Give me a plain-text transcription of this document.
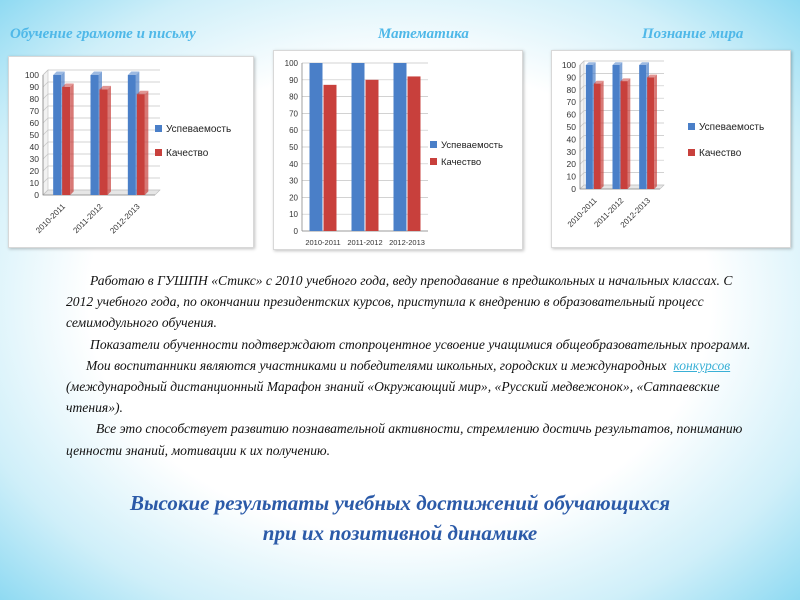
Обучение грамоте и письму	Математика	Познание мира
0
10
20
30
40
50
60
70
80
90
100
2010-2011 2011-2012 2012-2013
Успеваемость
Качество
0
10
20
30
40
50
60
70
80
90
100
2010-2011 2011-2012 2012-2013
Успеваемость
Качество
0
10
20
30
40
50
60
70
80
90
100
2010-2011
2011-2012
2012-2013
Успеваемость
Качество

Работаю в ГУШПН «Стикс» с 2010 учебного года, веду преподавание в предшкольных и начальных классах. С 2012 учебного года, по окончании президентских курсов, приступила к внедрению в образовательный процесс семимодульного обучения.

Показатели обученности подтверждают стопроцентное усвоение учащимися общеобразовательных программ.

Мои воспитанники являются участниками и победителями школьных, городских и международных конкурсов (международный дистанционный Марафон знаний «Окружающий мир», «Русский медвежонок», «Сатпаевские чтения»).

Все это способствует развитию познавательной активности, стремлению достичь результатов, пониманию ценности знаний, мотивации к их получению.

Высокие результаты учебных достижений обучающихся
при их позитивной динамике
